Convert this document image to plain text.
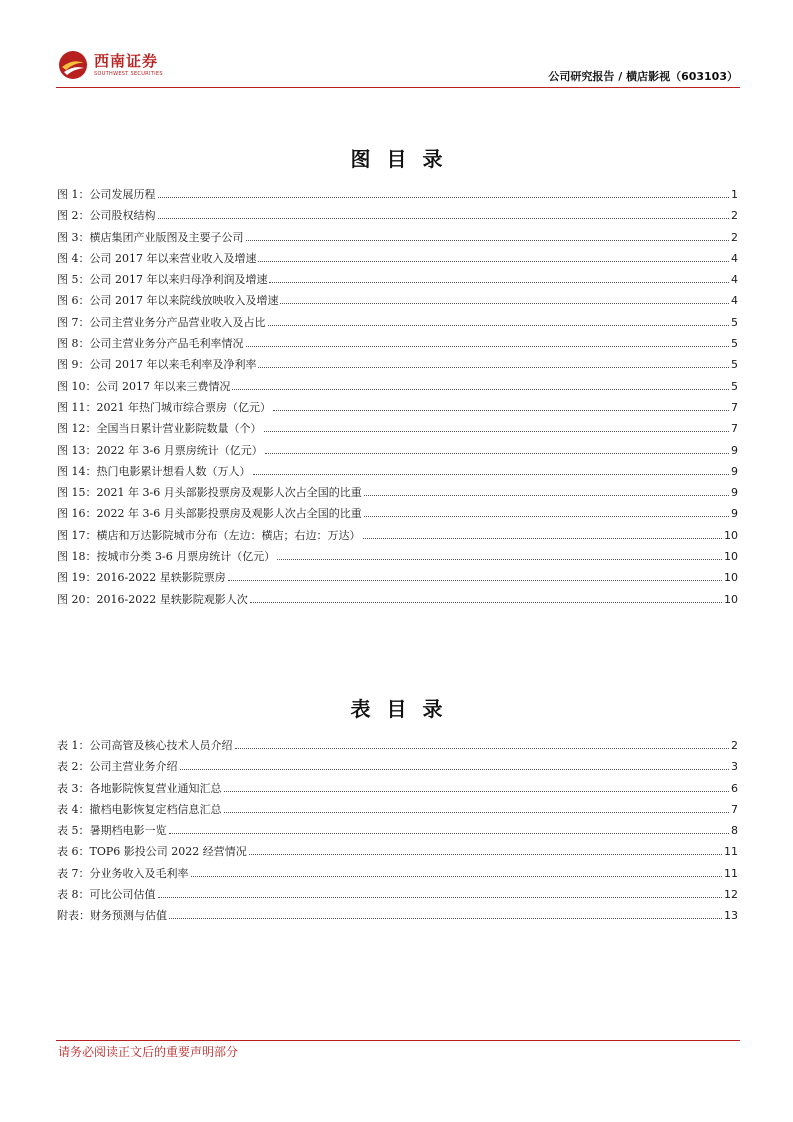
西南证券
SOUTHWEST SECURITIES	公司研究报告 / 横店影视（603103）
图目录
图 1：公司发展历程	1
图 2：公司股权结构	2
图 3：横店集团产业版图及主要子公司	2
图 4：公司 2017 年以来营业收入及增速	4
图 5：公司 2017 年以来归母净利润及增速	4
图 6：公司 2017 年以来院线放映收入及增速	4
图 7：公司主营业务分产品营业收入及占比	5
图 8：公司主营业务分产品毛利率情况	5
图 9：公司 2017 年以来毛利率及净利率	5
图 10：公司 2017 年以来三费情况	5
图 11：2021 年热门城市综合票房（亿元）	7
图 12：全国当日累计营业影院数量（个）	7
图 13：2022 年 3-6 月票房统计（亿元）	9
图 14：热门电影累计想看人数（万人）	9
图 15：2021 年 3-6 月头部影投票房及观影人次占全国的比重	9
图 16：2022 年 3-6 月头部影投票房及观影人次占全国的比重	9
图 17：横店和万达影院城市分布（左边：横店；右边：万达）	10
图 18：按城市分类 3-6 月票房统计（亿元）	10
图 19：2016-2022 星轶影院票房	10
图 20：2016-2022 星轶影院观影人次	10
表目录
表 1：公司高管及核心技术人员介绍	2
表 2：公司主营业务介绍	3
表 3：各地影院恢复营业通知汇总	6
表 4：撤档电影恢复定档信息汇总	7
表 5：暑期档电影一览	8
表 6：TOP6 影投公司 2022 经营情况	11
表 7：分业务收入及毛利率	11
表 8：可比公司估值	12
附表：财务预测与估值	13
请务必阅读正文后的重要声明部分
